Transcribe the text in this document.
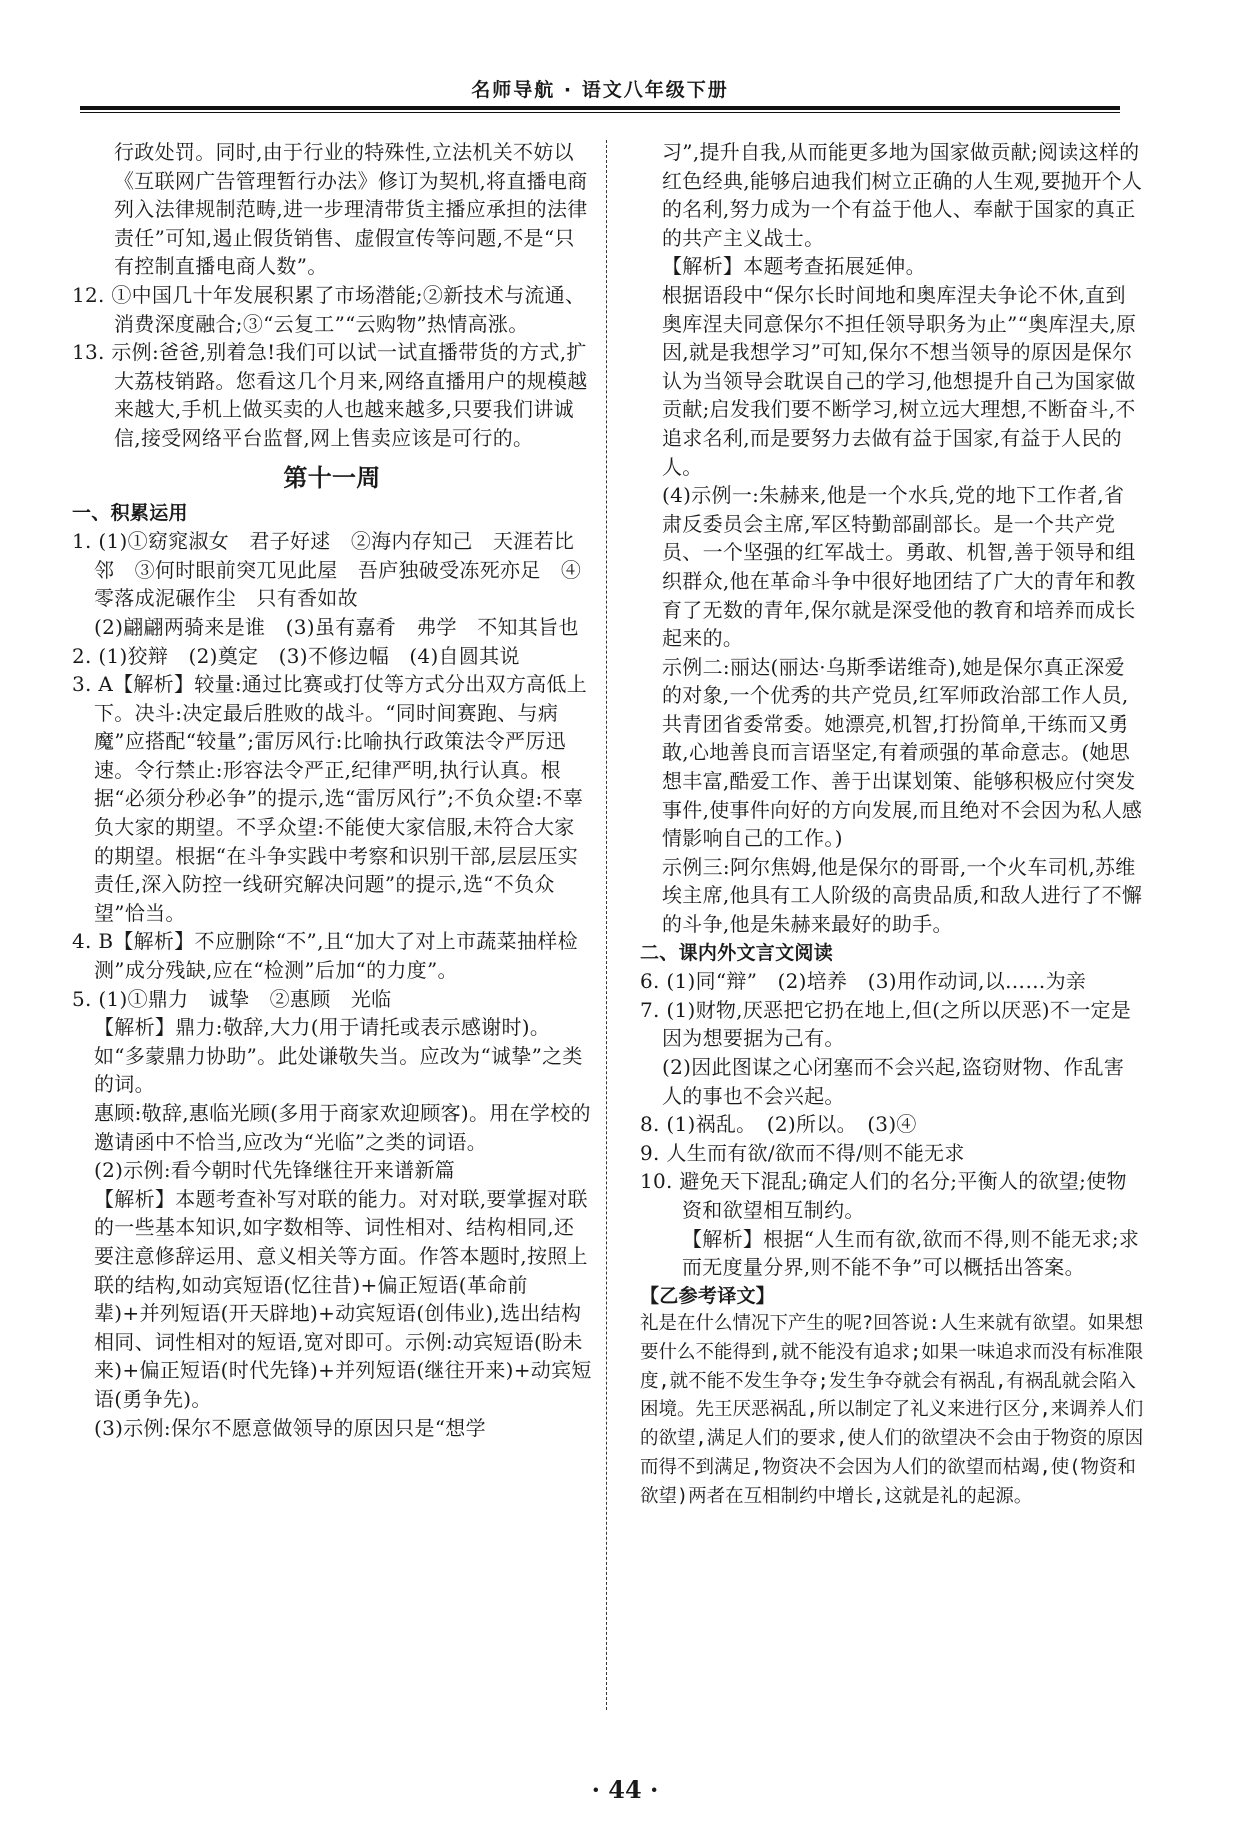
名师导航 · 语文八年级下册

行政处罚。同时,由于行业的特殊性,立法机关不妨以《互联网广告管理暂行办法》修订为契机,将直播电商列入法律规制范畴,进一步理清带货主播应承担的法律责任”可知,遏止假货销售、虚假宣传等问题,不是“只有控制直播电商人数”。

12. ①中国几十年发展积累了市场潜能;②新技术与流通、消费深度融合;③“云复工”“云购物”热情高涨。

13. 示例:爸爸,别着急!我们可以试一试直播带货的方式,扩大荔枝销路。您看这几个月来,网络直播用户的规模越来越大,手机上做买卖的人也越来越多,只要我们讲诚信,接受网络平台监督,网上售卖应该是可行的。

第十一周

一、积累运用

1. (1)①窈窕淑女　君子好逑　②海内存知己　天涯若比邻　③何时眼前突兀见此屋　吾庐独破受冻死亦足　④零落成泥碾作尘　只有香如故

(2)翩翩两骑来是谁　(3)虽有嘉肴　弗学　不知其旨也

2. (1)狡辩　(2)奠定　(3)不修边幅　(4)自圆其说

3. A【解析】较量:通过比赛或打仗等方式分出双方高低上下。决斗:决定最后胜败的战斗。“同时间赛跑、与病魔”应搭配“较量”;雷厉风行:比喻执行政策法令严厉迅速。令行禁止:形容法令严正,纪律严明,执行认真。根据“必须分秒必争”的提示,选“雷厉风行”;不负众望:不辜负大家的期望。不孚众望:不能使大家信服,未符合大家的期望。根据“在斗争实践中考察和识别干部,层层压实责任,深入防控一线研究解决问题”的提示,选“不负众望”恰当。

4. B【解析】不应删除“不”,且“加大了对上市蔬菜抽样检测”成分残缺,应在“检测”后加“的力度”。

5. (1)①鼎力　诚挚　②惠顾　光临

【解析】鼎力:敬辞,大力(用于请托或表示感谢时)。如“多蒙鼎力协助”。此处谦敬失当。应改为“诚挚”之类的词。

惠顾:敬辞,惠临光顾(多用于商家欢迎顾客)。用在学校的邀请函中不恰当,应改为“光临”之类的词语。

(2)示例:看今朝时代先锋继往开来谱新篇

【解析】本题考查补写对联的能力。对对联,要掌握对联的一些基本知识,如字数相等、词性相对、结构相同,还要注意修辞运用、意义相关等方面。作答本题时,按照上联的结构,如动宾短语(忆往昔)+偏正短语(革命前辈)+并列短语(开天辟地)+动宾短语(创伟业),选出结构相同、词性相对的短语,宽对即可。示例:动宾短语(盼未来)+偏正短语(时代先锋)+并列短语(继往开来)+动宾短语(勇争先)。

(3)示例:保尔不愿意做领导的原因只是“想学

习”,提升自我,从而能更多地为国家做贡献;阅读这样的红色经典,能够启迪我们树立正确的人生观,要抛开个人的名利,努力成为一个有益于他人、奉献于国家的真正的共产主义战士。

【解析】本题考查拓展延伸。

根据语段中“保尔长时间地和奥库涅夫争论不休,直到奥库涅夫同意保尔不担任领导职务为止”“奥库涅夫,原因,就是我想学习”可知,保尔不想当领导的原因是保尔认为当领导会耽误自己的学习,他想提升自己为国家做贡献;启发我们要不断学习,树立远大理想,不断奋斗,不追求名利,而是要努力去做有益于国家,有益于人民的人。

(4)示例一:朱赫来,他是一个水兵,党的地下工作者,省肃反委员会主席,军区特勤部副部长。是一个共产党员、一个坚强的红军战士。勇敢、机智,善于领导和组织群众,他在革命斗争中很好地团结了广大的青年和教育了无数的青年,保尔就是深受他的教育和培养而成长起来的。

示例二:丽达(丽达·乌斯季诺维奇),她是保尔真正深爱的对象,一个优秀的共产党员,红军师政治部工作人员,共青团省委常委。她漂亮,机智,打扮简单,干练而又勇敢,心地善良而言语坚定,有着顽强的革命意志。(她思想丰富,酷爱工作、善于出谋划策、能够积极应付突发事件,使事件向好的方向发展,而且绝对不会因为私人感情影响自己的工作。)

示例三:阿尔焦姆,他是保尔的哥哥,一个火车司机,苏维埃主席,他具有工人阶级的高贵品质,和敌人进行了不懈的斗争,他是朱赫来最好的助手。

二、课内外文言文阅读

6. (1)同“辩”　(2)培养　(3)用作动词,以……为亲

7. (1)财物,厌恶把它扔在地上,但(之所以厌恶)不一定是因为想要据为己有。

(2)因此图谋之心闭塞而不会兴起,盗窃财物、作乱害人的事也不会兴起。

8. (1)祸乱。　(2)所以。　(3)④

9. 人生而有欲/欲而不得/则不能无求

10. 避免天下混乱;确定人们的名分;平衡人的欲望;使物资和欲望相互制约。

【解析】根据“人生而有欲,欲而不得,则不能无求;求而无度量分界,则不能不争”可以概括出答案。

【乙参考译文】

礼是在什么情况下产生的呢?回答说:人生来就有欲望。如果想要什么不能得到,就不能没有追求;如果一味追求而没有标准限度,就不能不发生争夺;发生争夺就会有祸乱,有祸乱就会陷入困境。先王厌恶祸乱,所以制定了礼义来进行区分,来调养人们的欲望,满足人们的要求,使人们的欲望决不会由于物资的原因而得不到满足,物资决不会因为人们的欲望而枯竭,使(物资和欲望)两者在互相制约中增长,这就是礼的起源。

· 44 ·
